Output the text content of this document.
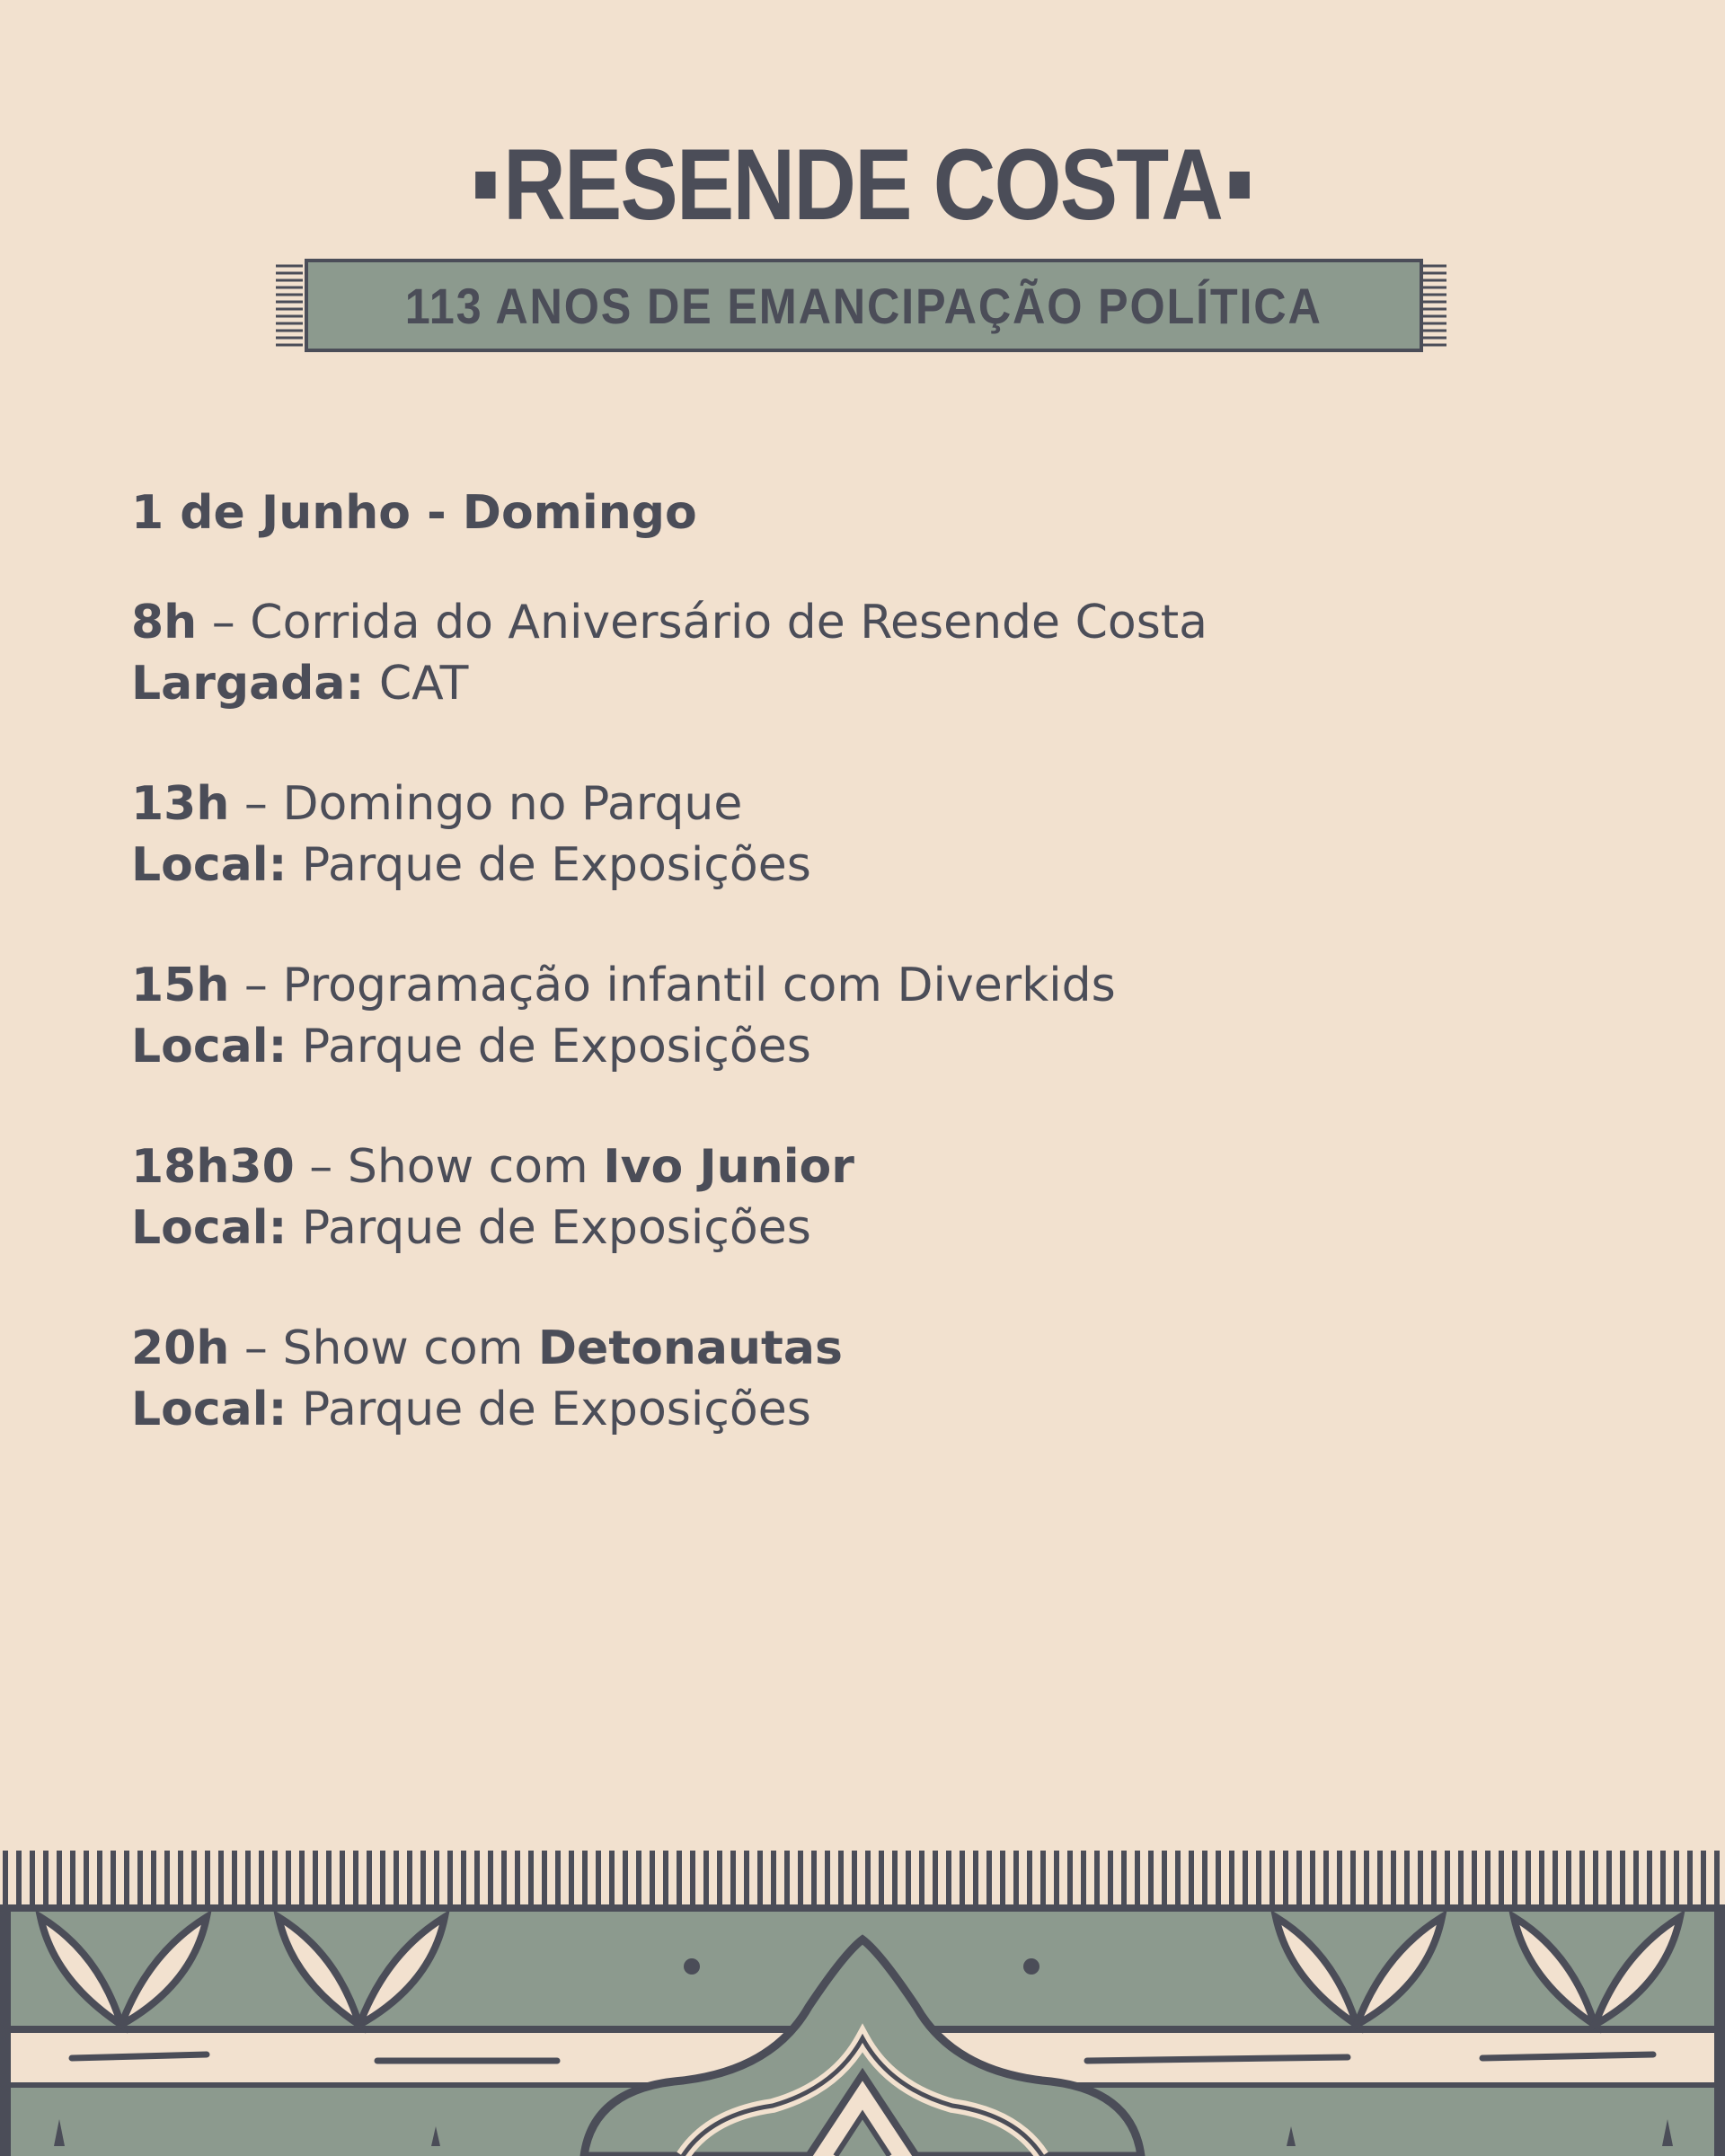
RESENDE COSTA
113 ANOS DE EMANCIPAÇÃO POLÍTICA
1 de Junho - Domingo
8h – Corrida do Aniversário de Resende Costa
Largada: CAT
13h – Domingo no Parque
Local: Parque de Exposições
15h – Programação infantil com Diverkids
Local: Parque de Exposições
18h30 – Show com Ivo Junior
Local: Parque de Exposições
20h – Show com Detonautas
Local: Parque de Exposições
